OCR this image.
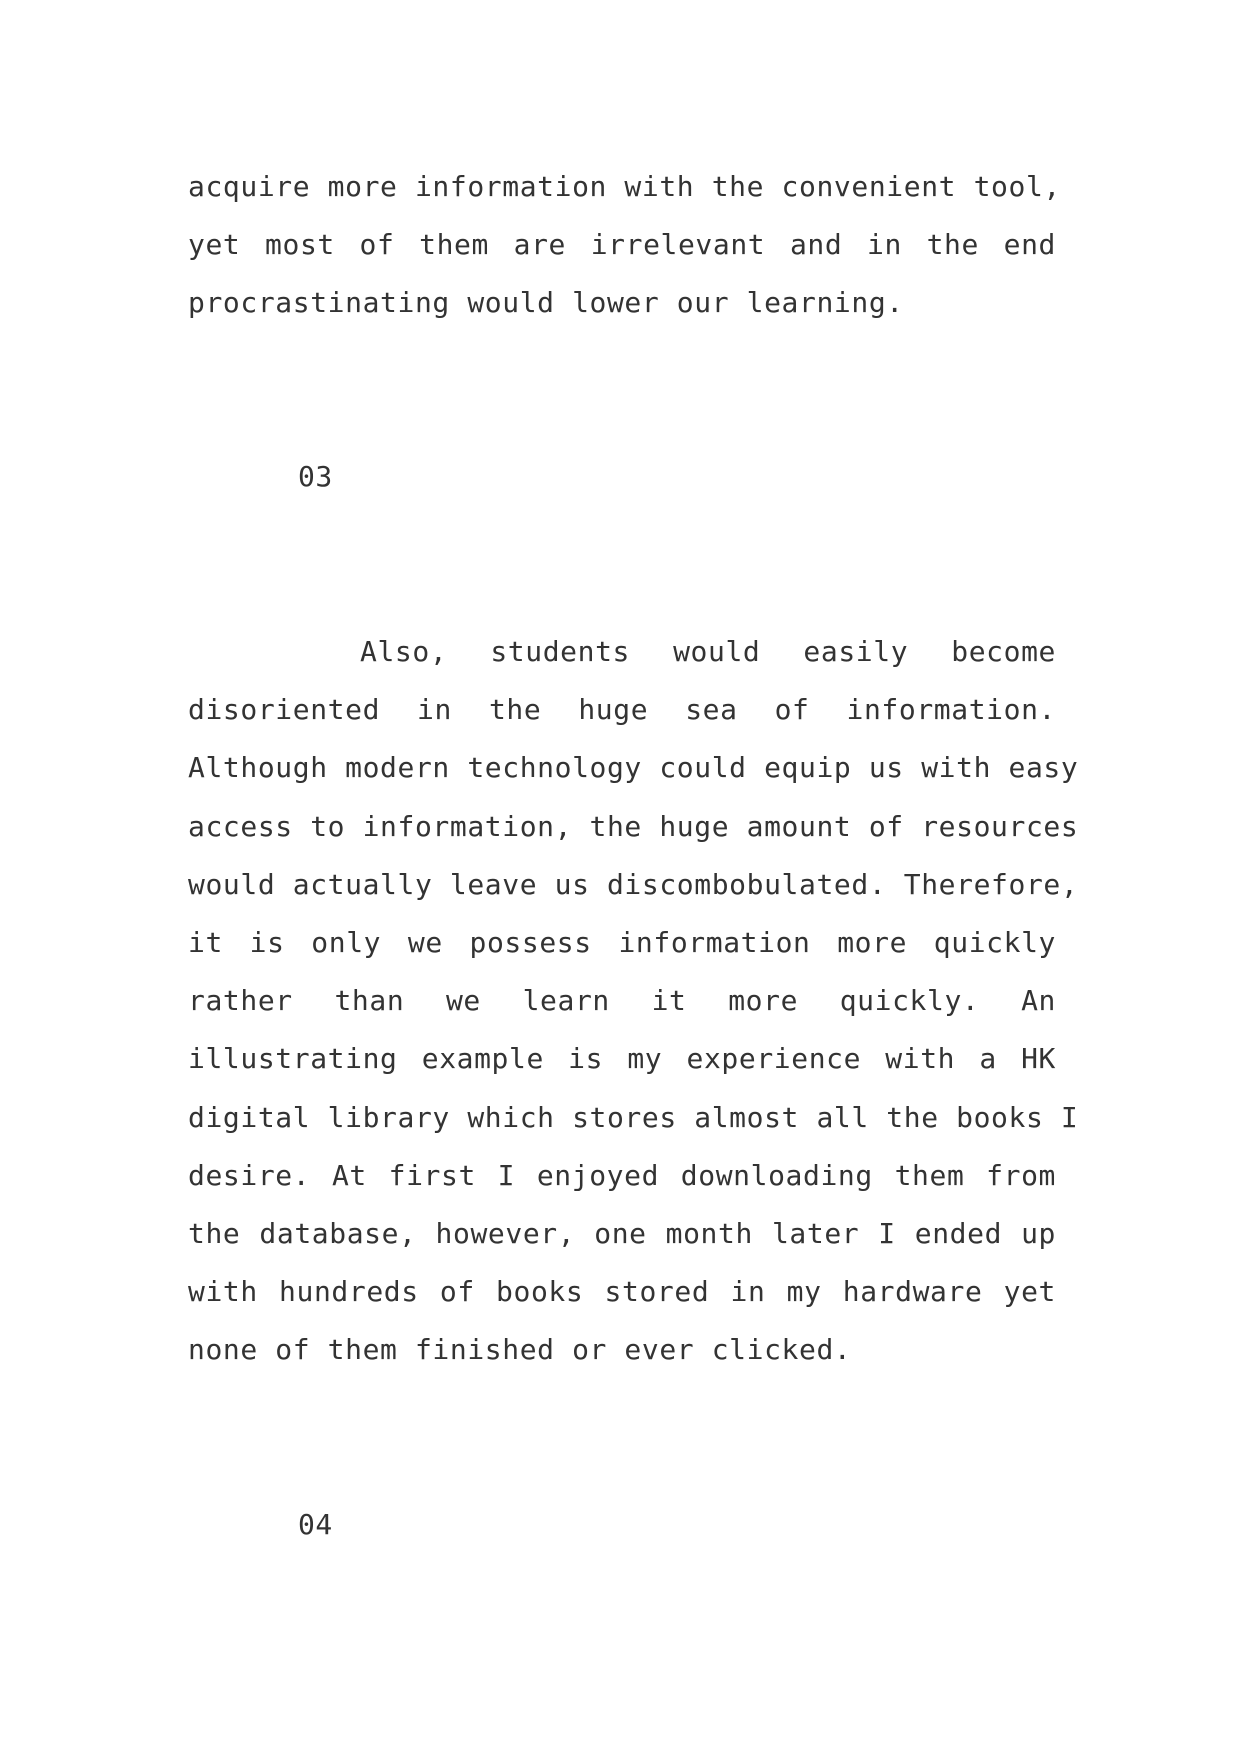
acquire more information with the convenient tool,
yet most of them are irrelevant and in the end
procrastinating would lower our learning.
03
Also, students would easily become
disoriented in the huge sea of information.
Although modern technology could equip us with easy
access to information, the huge amount of resources
would actually leave us discombobulated. Therefore,
it is only we possess information more quickly
rather than we learn it more quickly. An
illustrating example is my experience with a HK
digital library which stores almost all the books I
desire. At first I enjoyed downloading them from
the database, however, one month later I ended up
with hundreds of books stored in my hardware yet
none of them finished or ever clicked.
04
